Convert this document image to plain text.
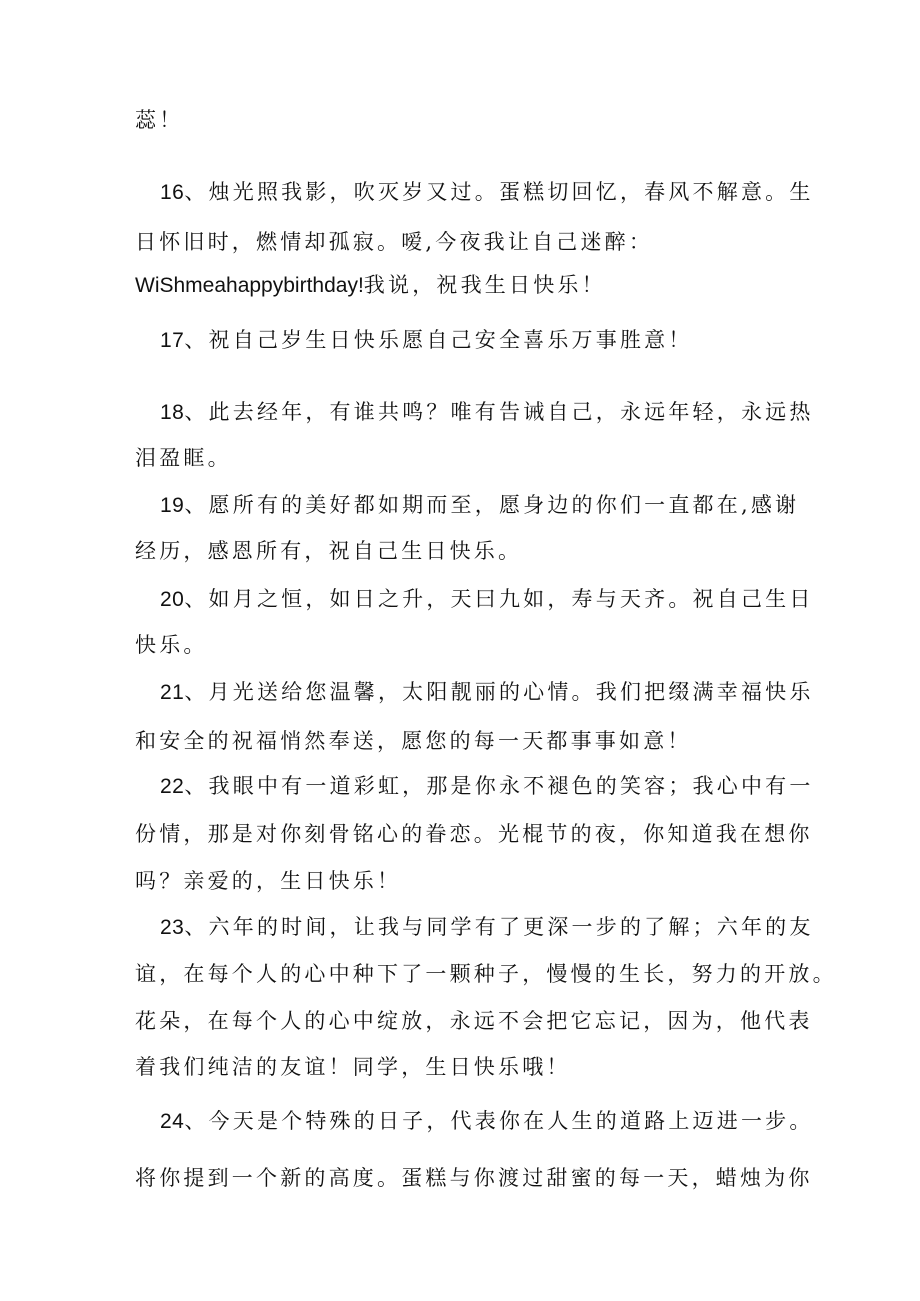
蕊！
16、烛光照我影，吹灭岁又过。蛋糕切回忆，春风不解意。生
日怀旧时，燃情却孤寂。嗳,今夜我让自己迷醉：
WiShmeahappybirthday!我说，祝我生日快乐！
17、祝自己岁生日快乐愿自己安全喜乐万事胜意！
18、此去经年，有谁共鸣？唯有告诫自己，永远年轻，永远热
泪盈眶。
19、愿所有的美好都如期而至，愿身边的你们一直都在,感谢
经历，感恩所有，祝自己生日快乐。
20、如月之恒，如日之升，天曰九如，寿与天齐。祝自己生日
快乐。
21、月光送给您温馨，太阳靓丽的心情。我们把缀满幸福快乐
和安全的祝福悄然奉送，愿您的每一天都事事如意！
22、我眼中有一道彩虹，那是你永不褪色的笑容；我心中有一
份情，那是对你刻骨铭心的眷恋。光棍节的夜，你知道我在想你
吗？亲爱的，生日快乐！
23、六年的时间，让我与同学有了更深一步的了解；六年的友
谊，在每个人的心中种下了一颗种子，慢慢的生长，努力的开放。
花朵，在每个人的心中绽放，永远不会把它忘记，因为，他代表
着我们纯洁的友谊！同学，生日快乐哦！
24、今天是个特殊的日子，代表你在人生的道路上迈进一步。
将你提到一个新的高度。蛋糕与你渡过甜蜜的每一天，蜡烛为你
